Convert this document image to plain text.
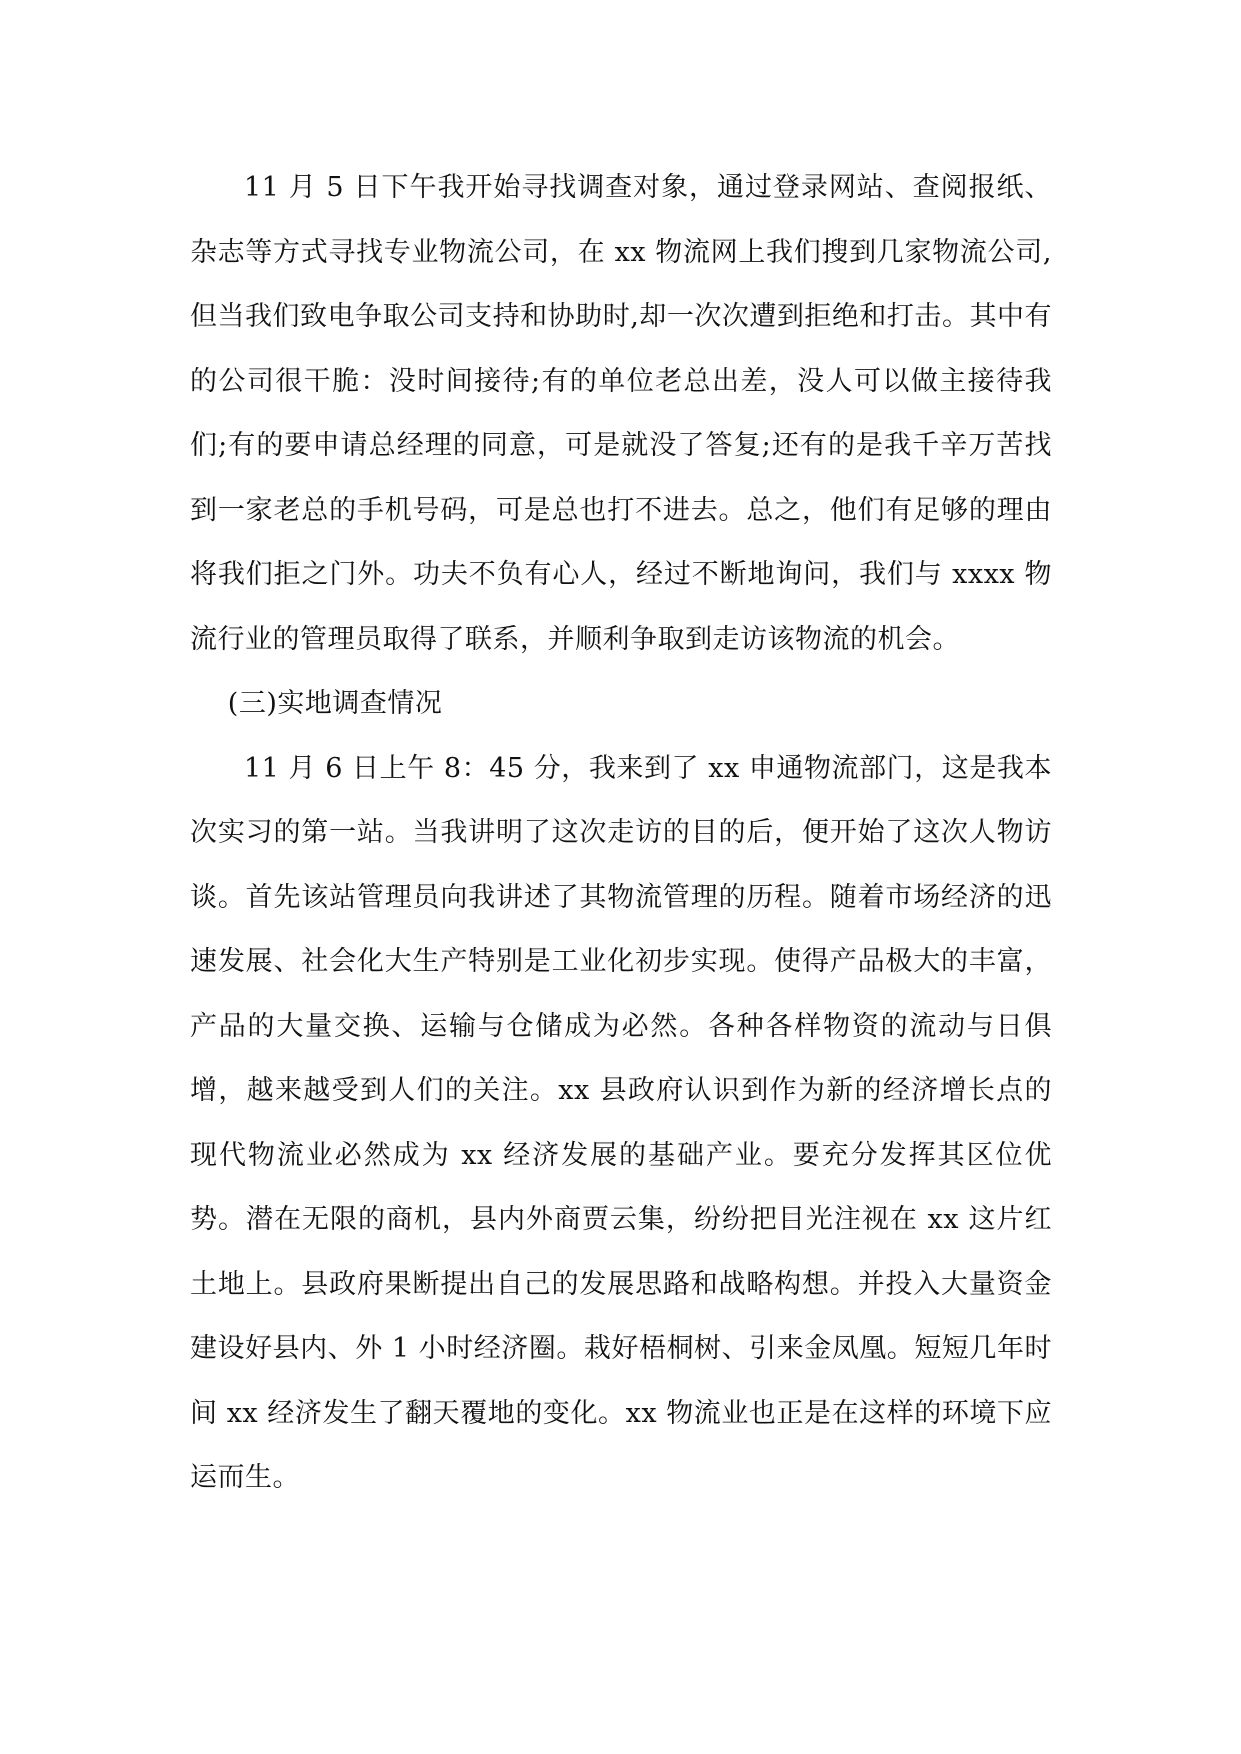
11 月 5 日下午我开始寻找调查对象，通过登录网站、查阅报纸、杂志等方式寻找专业物流公司，在 xx 物流网上我们搜到几家物流公司,但当我们致电争取公司支持和协助时,却一次次遭到拒绝和打击。其中有的公司很干脆：没时间接待;有的单位老总出差，没人可以做主接待我们;有的要申请总经理的同意，可是就没了答复;还有的是我千辛万苦找到一家老总的手机号码，可是总也打不进去。总之，他们有足够的理由将我们拒之门外。功夫不负有心人，经过不断地询问，我们与 xxxx 物流行业的管理员取得了联系，并顺利争取到走访该物流的机会。

(三)实地调查情况

11 月 6 日上午 8：45 分，我来到了 xx 申通物流部门，这是我本次实习的第一站。当我讲明了这次走访的目的后，便开始了这次人物访谈。首先该站管理员向我讲述了其物流管理的历程。随着市场经济的迅速发展、社会化大生产特别是工业化初步实现。使得产品极大的丰富，产品的大量交换、运输与仓储成为必然。各种各样物资的流动与日俱增，越来越受到人们的关注。xx 县政府认识到作为新的经济增长点的现代物流业必然成为 xx 经济发展的基础产业。要充分发挥其区位优势。潜在无限的商机，县内外商贾云集，纷纷把目光注视在 xx 这片红土地上。县政府果断提出自己的发展思路和战略构想。并投入大量资金建设好县内、外 1 小时经济圈。栽好梧桐树、引来金凤凰。短短几年时间 xx 经济发生了翻天覆地的变化。xx 物流业也正是在这样的环境下应运而生。
